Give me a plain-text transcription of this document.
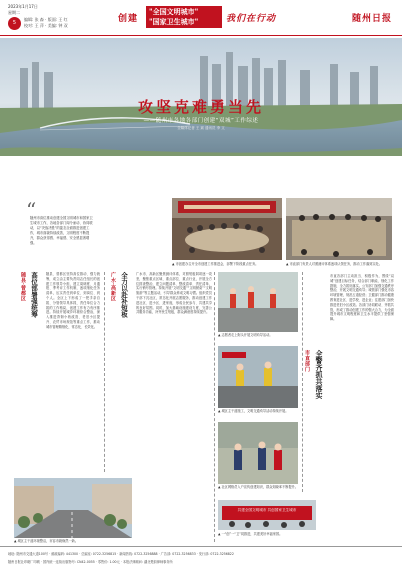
2023年1月17日
星期二
5
编辑: 张 森 · 版面: 王 红
校对: 王 萍 · 美编: 钟 双
创建
"全国文明城市"
"国家卫生城市"	我们在行动	随州日报
攻坚克难勇当先
——随州市各地各部门创建“双城”工作综述
全媒体记者 王 斌 通讯员 李 文
▲ 市创建办召开全市创建工作推进会，部署下阶段重点任务。	▲ 市直部门负责人对照测评体系逐项认领任务，推动工作落到实处。
“
随州市高位推动创建全国文明城市和国家卫生城市工作，各地各部门闻令而动、协同联动，以“决战决胜”的姿态全面推进创建工作，城市面貌持续改善，文明程度不断提升，群众获得感、幸福感、安全感显著增强。
随县·曾都区 高位部署强统筹	随县、曾都区坚持高位推动、强力统筹，成立由主要负责同志任组长的创建工作领导小组，建立周调度、月通报、季考评工作机制，逐项细化任务清单，压实责任到单位、到岗位、到个人。全区上下形成了一把手亲自抓、分管领导具体抓、责任单位合力抓的工作格局，创建工作有力有序推进。持续开展城乡环境综合整治，深入推进背街小巷改造、老旧小区提升、农贸市场规范等重点工作，推动城市管理精细化、常态化、长效化。
▲ 城区主干道环境整洁，市容市貌焕然一新。
广水·高新区 全力以赴补短板	广水市、高新区聚焦测评体系，对照短板弱项逐一攻坚，聚焦重点区域、重点部位、重点行业，开展全方位排查整治，建立问题清单、整改清单、责任清单，实行销号管理。持续开展“文明交通”“文明餐桌”“文明旅游”等主题活动，引导群众养成文明习惯。组织党员干部下沉社区，常态化开展志愿服务，推动创建工作进社区、进小区、进家庭，形成全民参与、共建共享的良好氛围。同时，加大基础设施建设力度，完善公共服务功能，补齐民生短板，群众满意度持续提升。
▲ 志愿者走上街头开展文明劝导活动。
▲ 城区主干道施工，文明交通劝导活动持续开展。
▲ 社区网格员入户宣传创建知识，群众知晓率不断提升。
共建全国文明城市 共创国家卫生城市
▲ 一“创”一“卫”同推进，共建美好幸福家园。
市直部门 全警齐抓共落实
市直各部门主动担当、积极作为，围绕“双城”创建目标任务，结合部门职能，细化工作措施，全力抓好落实。公安部门加强交通秩序整治，开展文明交通劝导；城管部门强化市容环境管理，规范占道经营；卫健部门推动健康教育进社区、进学校、进企业；住建部门加快推进老旧小区改造。各部门协同联动、齐抓共管，形成了推动创建工作的强大合力，为全面提升城市文明程度和卫生水平提供了坚强保障。
地址: 随州市交通大道100号 · 邮政编码: 441300 · 总编室: 0722-3256815 · 新闻热线: 0722-3256888 · 广告部: 0722-3256833 · 发行部: 0722-3256822
随州日报社印刷厂印刷 · 国内统一连续出版物号: CN42-0055 · 零售价: 1.00元 · 本报法律顾问: 湖北楚韵律师事务所
